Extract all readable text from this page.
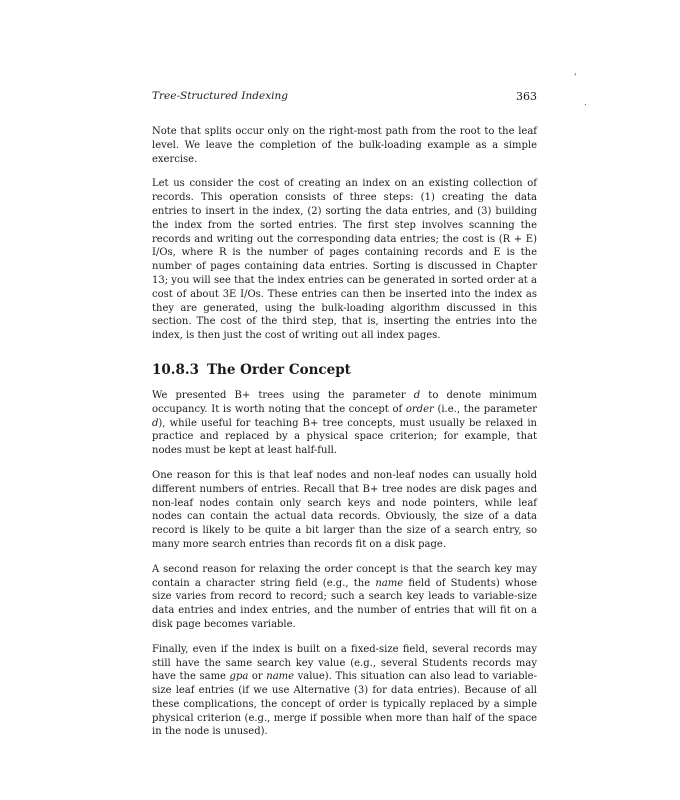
'
.
Tree-Structured Indexing	363

Note that splits occur only on the right-most path from the root to the leaf level. We leave the completion of the bulk-loading example as a simple exercise.

Let us consider the cost of creating an index on an existing collection of records. This operation consists of three steps: (1) creating the data entries to insert in the index, (2) sorting the data entries, and (3) building the index from the sorted entries. The first step involves scanning the records and writing out the corresponding data entries; the cost is (R + E) I/Os, where R is the number of pages containing records and E is the number of pages containing data entries. Sorting is discussed in Chapter 13; you will see that the index entries can be generated in sorted order at a cost of about 3E I/Os. These entries can then be inserted into the index as they are generated, using the bulk-loading algorithm discussed in this section. The cost of the third step, that is, inserting the entries into the index, is then just the cost of writing out all index pages.

10.8.3 The Order Concept

We presented B+ trees using the parameter d to denote minimum occupancy. It is worth noting that the concept of order (i.e., the parameter d), while useful for teaching B+ tree concepts, must usually be relaxed in practice and replaced by a physical space criterion; for example, that nodes must be kept at least half-full.

One reason for this is that leaf nodes and non-leaf nodes can usually hold different numbers of entries. Recall that B+ tree nodes are disk pages and non-leaf nodes contain only search keys and node pointers, while leaf nodes can contain the actual data records. Obviously, the size of a data record is likely to be quite a bit larger than the size of a search entry, so many more search entries than records fit on a disk page.

A second reason for relaxing the order concept is that the search key may contain a character string field (e.g., the name field of Students) whose size varies from record to record; such a search key leads to variable-size data entries and index entries, and the number of entries that will fit on a disk page becomes variable.

Finally, even if the index is built on a fixed-size field, several records may still have the same search key value (e.g., several Students records may have the same gpa or name value). This situation can also lead to variable-size leaf entries (if we use Alternative (3) for data entries). Because of all these complications, the concept of order is typically replaced by a simple physical criterion (e.g., merge if possible when more than half of the space in the node is unused).
